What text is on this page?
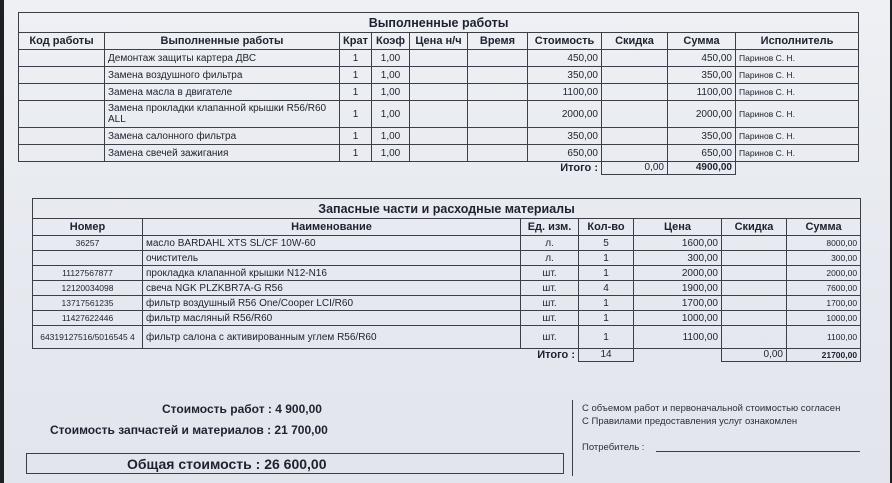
Выполненные работы									
Код работы	Выполненные работы	Крат	Коэф	Цена н/ч	Время	Стоимость	Скидка	Сумма	Исполнитель
	Демонтаж защиты картера ДВС	1	1,00			450,00		450,00	Паринов С. Н.
	Замена воздушного фильтра	1	1,00			350,00		350,00	Паринов С. Н.
	Замена масла в двигателе	1	1,00			1100,00		1100,00	Паринов С. Н.
	Замена прокладки клапанной крышки R56/R60 ALL	1	1,00			2000,00		2000,00	Паринов С. Н.
	Замена салонного фильтра	1	1,00			350,00		350,00	Паринов С. Н.
	Замена свечей зажигания	1	1,00			650,00		650,00	Паринов С. Н.
					Итого :		0,00	4900,00	
Запасные части и расходные материалы						
Номер	Наименование	Ед. изм.	Кол-во	Цена	Скидка	Сумма
36257	масло BARDAHL XTS SL/CF 10W-60	л.	5	1600,00		8000,00
	очиститель	л.	1	300,00		300,00
11127567877	прокладка клапанной крышки N12-N16	шт.	1	2000,00		2000,00
12120034098	свеча NGK PLZKBR7A-G R56	шт.	4	1900,00		7600,00
13717561235	фильтр воздушный R56 One/Cooper LCI/R60	шт.	1	1700,00		1700,00
11427622446	фильтр масляный R56/R60	шт.	1	1000,00		1000,00
64319127516/5016545 4	фильтр салона с активированным углем R56/R60	шт.	1	1100,00		1100,00
		Итого :	14		0,00	21700,00
Стоимость работ : 4 900,00
Стоимость запчастей и материалов : 21 700,00
Общая стоимость : 26 600,00
С объемом работ и первоначальной стоимостью согласен
С Правилами предоставления услуг ознакомлен
Потребитель :
